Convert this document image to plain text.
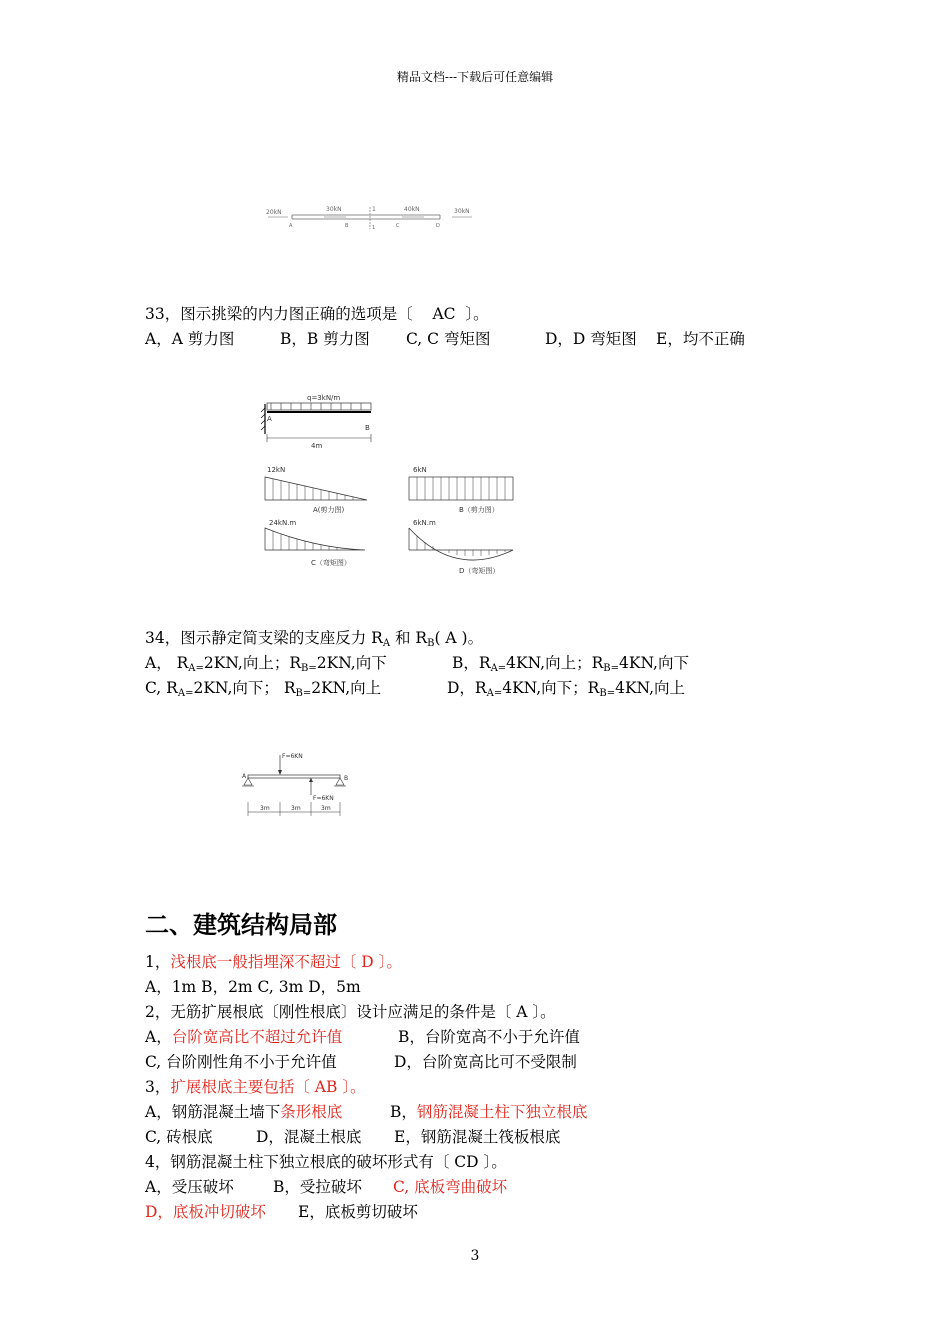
精品文档---下载后可任意编辑
20kN	30kN	1	40kN	30kN
A	B	1	C	D
33，图示挑梁的内力图正确的选项是〔 AC 〕。
A，A 剪力图	B，B 剪力图 C, C 弯矩图	D，D 弯矩图 E，均不正确
q=3kN/m
A
B
4m
12kN
A(剪力图)
6kN
B（剪力图）
24kN.m
C（弯矩图）
6kN.m
D（弯矩图）
34，图示静定简支梁的支座反力 $R_A$ 和 $R_B$( A )。
A， $R_{A=}2KN$,向上；$R_{B=}2KN$,向下	B，$R_{A=}4KN$,向上；$R_{B=}4KN$,向下
C, $R_{A=}2KN$,向下； $R_{B=}2KN$,向上	D，$R_{A=}4KN$,向下；$R_{B=}4KN$,向上
F=6KN
A	B
F=6KN
3m	3m	3m
二、建筑结构局部
1，浅根底一般指埋深不超过〔 D 〕。
A，1m B，2m C, 3m D，5m
2，无筋扩展根底〔刚性根底〕设计应满足的条件是〔 A 〕。
A，台阶宽高比不超过允许值	B，台阶宽高不小于允许值
C, 台阶刚性角不小于允许值	D，台阶宽高比可不受限制
3，扩展根底主要包括〔 AB 〕。
A，钢筋混凝土墙下条形根底	B，钢筋混凝土柱下独立根底
C, 砖根底	D，混凝土根底 E，钢筋混凝土筏板根底
4，钢筋混凝土柱下独立根底的破坏形式有〔 CD 〕。
A，受压破坏	B，受拉破坏 C, 底板弯曲破坏
D，底板冲切破坏 E，底板剪切破坏
3
